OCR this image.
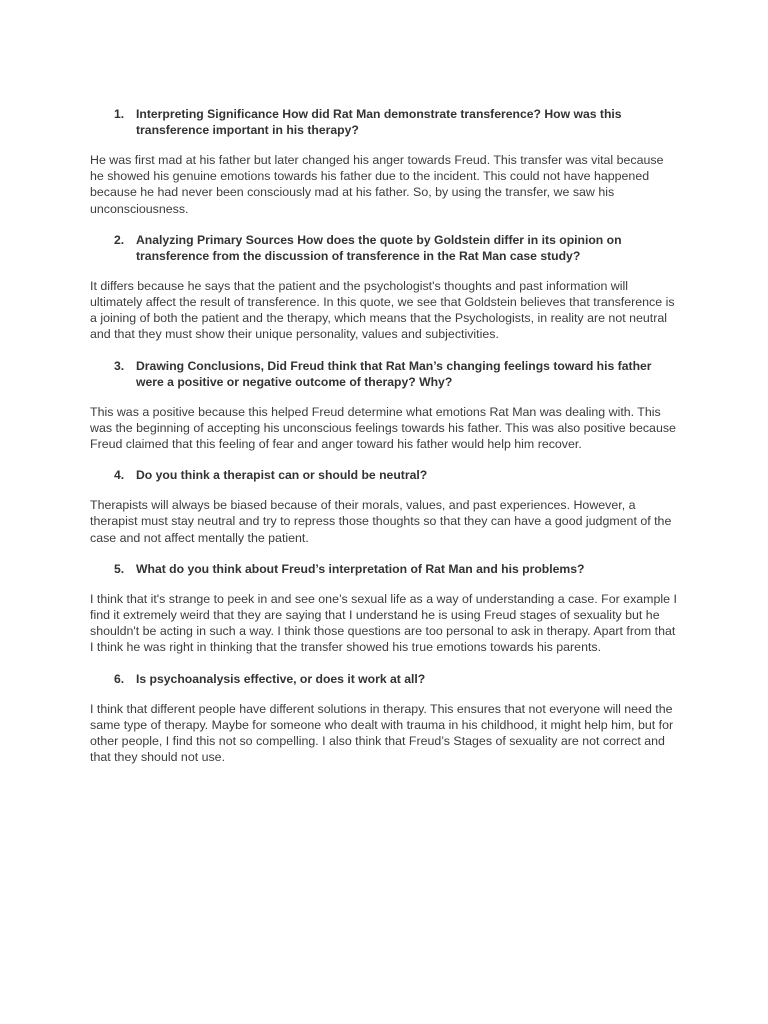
1. Interpreting Significance How did Rat Man demonstrate transference? How was this transference important in his therapy?

He was first mad at his father but later changed his anger towards Freud. This transfer was vital because he showed his genuine emotions towards his father due to the incident. This could not have happened because he had never been consciously mad at his father. So, by using the transfer, we saw his unconsciousness.

2. Analyzing Primary Sources How does the quote by Goldstein differ in its opinion on transference from the discussion of transference in the Rat Man case study?

It differs because he says that the patient and the psychologist's thoughts and past information will ultimately affect the result of transference. In this quote, we see that Goldstein believes that transference is a joining of both the patient and the therapy, which means that the Psychologists, in reality are not neutral and that they must show their unique personality, values and subjectivities.

3. Drawing Conclusions, Did Freud think that Rat Man’s changing feelings toward his father were a positive or negative outcome of therapy? Why?

This was a positive because this helped Freud determine what emotions Rat Man was dealing with. This was the beginning of accepting his unconscious feelings towards his father. This was also positive because Freud claimed that this feeling of fear and anger toward his father would help him recover.

4. Do you think a therapist can or should be neutral?

Therapists will always be biased because of their morals, values, and past experiences. However, a therapist must stay neutral and try to repress those thoughts so that they can have a good judgment of the case and not affect mentally the patient.

5. What do you think about Freud’s interpretation of Rat Man and his problems?

I think that it's strange to peek in and see one’s sexual life as a way of understanding a case. For example I find it extremely weird that they are saying that I understand he is using Freud stages of sexuality but he shouldn't be acting in such a way. I think those questions are too personal to ask in therapy. Apart from that I think he was right in thinking that the transfer showed his true emotions towards his parents.

6. Is psychoanalysis effective, or does it work at all?

I think that different people have different solutions in therapy. This ensures that not everyone will need the same type of therapy. Maybe for someone who dealt with trauma in his childhood, it might help him, but for other people, I find this not so compelling. I also think that Freud’s Stages of sexuality are not correct and that they should not use.
